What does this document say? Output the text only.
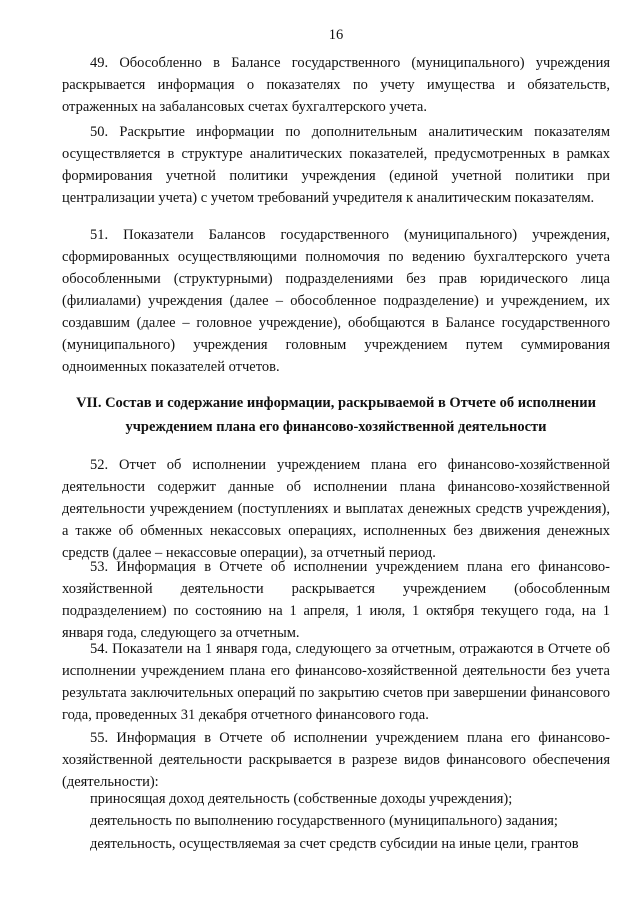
16

49. Обособленно в Балансе государственного (муниципального) учреждения раскрывается информация о показателях по учету имущества и обязательств, отраженных на забалансовых счетах бухгалтерского учета.

50. Раскрытие информации по дополнительным аналитическим показателям осуществляется в структуре аналитических показателей, предусмотренных в рамках формирования учетной политики учреждения (единой учетной политики при централизации учета) с учетом требований учредителя к аналитическим показателям.

51. Показатели Балансов государственного (муниципального) учреждения, сформированных осуществляющими полномочия по ведению бухгалтерского учета обособленными (структурными) подразделениями без прав юридического лица (филиалами) учреждения (далее – обособленное подразделение) и учреждением, их создавшим (далее – головное учреждение), обобщаются в Балансе государственного (муниципального) учреждения головным учреждением путем суммирования одноименных показателей отчетов.

VII. Состав и содержание информации, раскрываемой в Отчете об исполнении учреждением плана его финансово-хозяйственной деятельности

52. Отчет об исполнении учреждением плана его финансово-хозяйственной деятельности содержит данные об исполнении плана финансово-хозяйственной деятельности учреждением (поступлениях и выплатах денежных средств учреждения), а также об обменных некассовых операциях, исполненных без движения денежных средств (далее – некассовые операции), за отчетный период.

53. Информация в Отчете об исполнении учреждением плана его финансово-хозяйственной деятельности раскрывается учреждением (обособленным подразделением) по состоянию на 1 апреля, 1 июля, 1 октября текущего года, на 1 января года, следующего за отчетным.

54. Показатели на 1 января года, следующего за отчетным, отражаются в Отчете об исполнении учреждением плана его финансово-хозяйственной деятельности без учета результата заключительных операций по закрытию счетов при завершении финансового года, проведенных 31 декабря отчетного финансового года.

55. Информация в Отчете об исполнении учреждением плана его финансово-хозяйственной деятельности раскрывается в разрезе видов финансового обеспечения (деятельности):

приносящая доход деятельность (собственные доходы учреждения);

деятельность по выполнению государственного (муниципального) задания;

деятельность, осуществляемая за счет средств субсидии на иные цели, грантов
